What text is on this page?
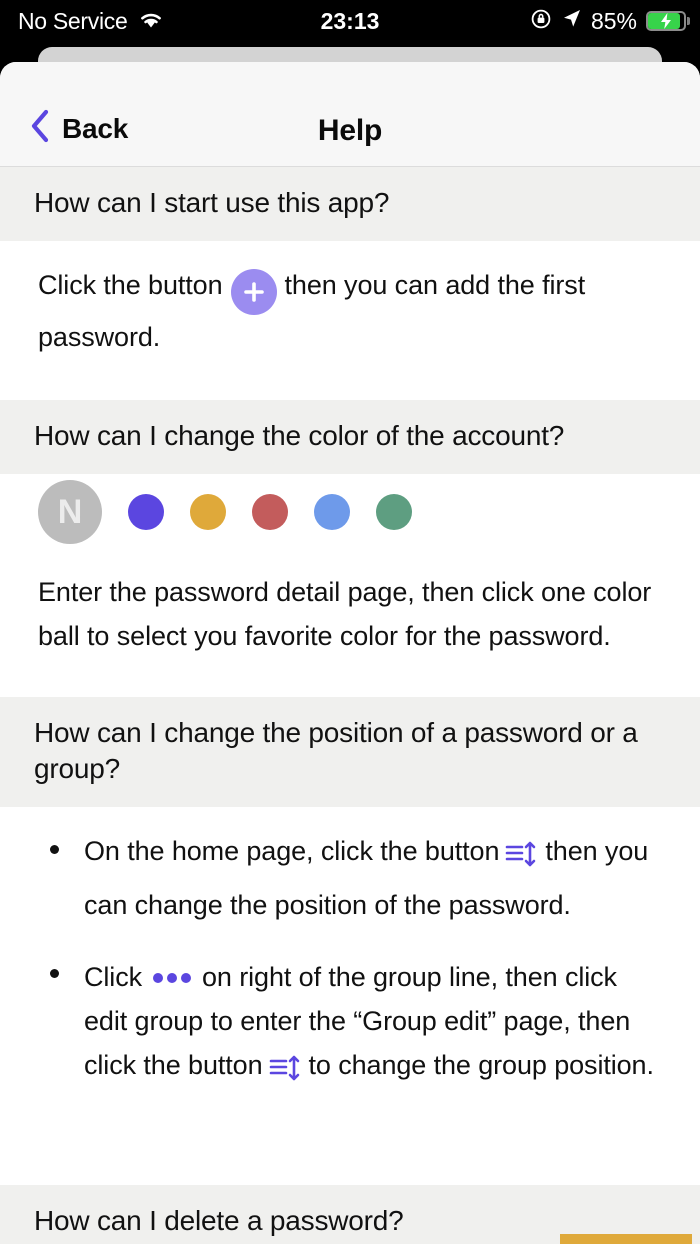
No Service	23:13	85%
Back	Help
How can I start use this app?
Click the button then you can add the first password.
How can I change the color of the account?
N
Enter the password detail page, then click one color ball to select you favorite color for the password.
How can I change the position of a password or a group?
On the home page, click the button then you can change the position of the password.
Click on right of the group line, then click edit group to enter the “Group edit” page, then click the button to change the group position.
How can I delete a password?
